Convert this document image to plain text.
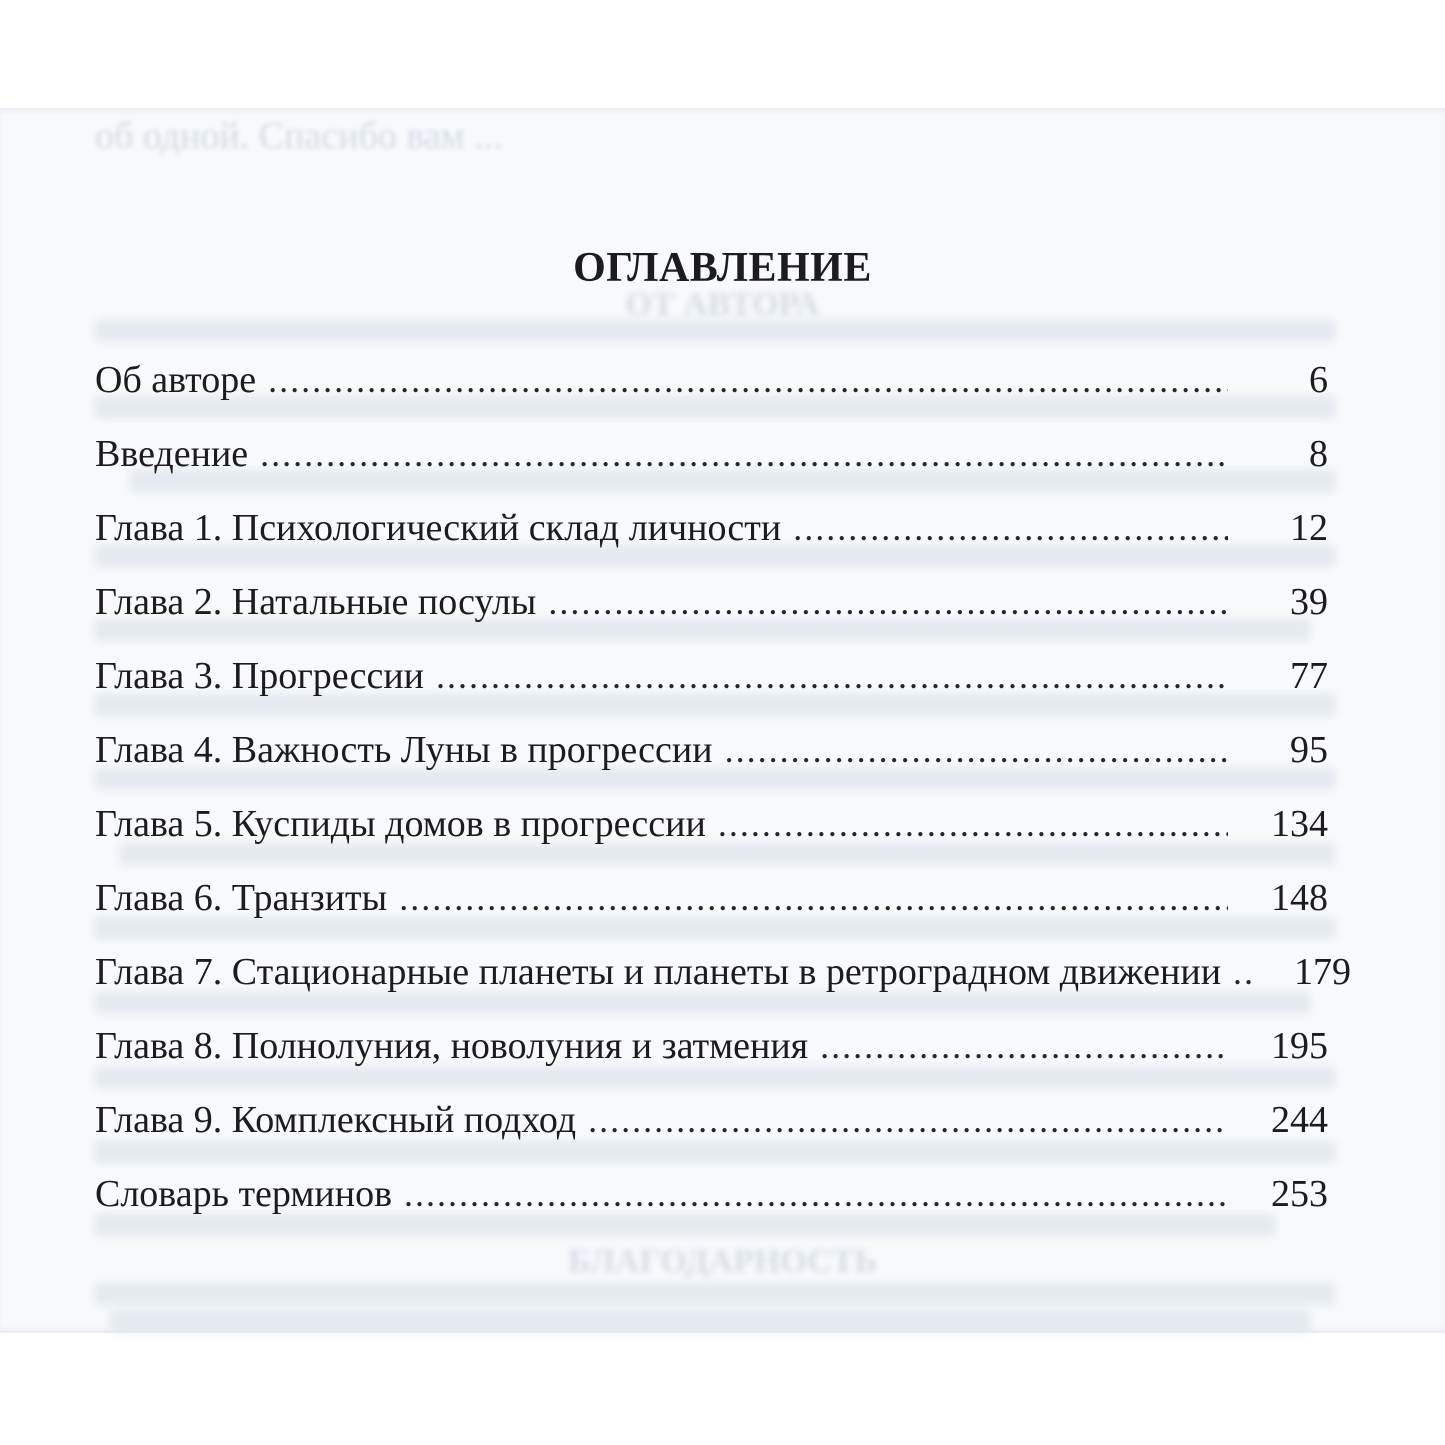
об одной. Спасибо вам ...
ОТ АВТОРА
БЛАГОДАРНОСТЬ
ОГЛАВЛЕНИЕ
Об авторе .....	6
Введение .....	8
Глава 1. Психологический склад личности .....	12
Глава 2. Натальные посулы .....	39
Глава 3. Прогрессии .....	77
Глава 4. Важность Луны в прогрессии .....	95
Глава 5. Куспиды домов в прогрессии .....	134
Глава 6. Транзиты .....	148
Глава 7. Стационарные планеты и планеты в ретроградном движении .....	179
Глава 8. Полнолуния, новолуния и затмения .....	195
Глава 9. Комплексный подход .....	244
Словарь терминов .....	253
